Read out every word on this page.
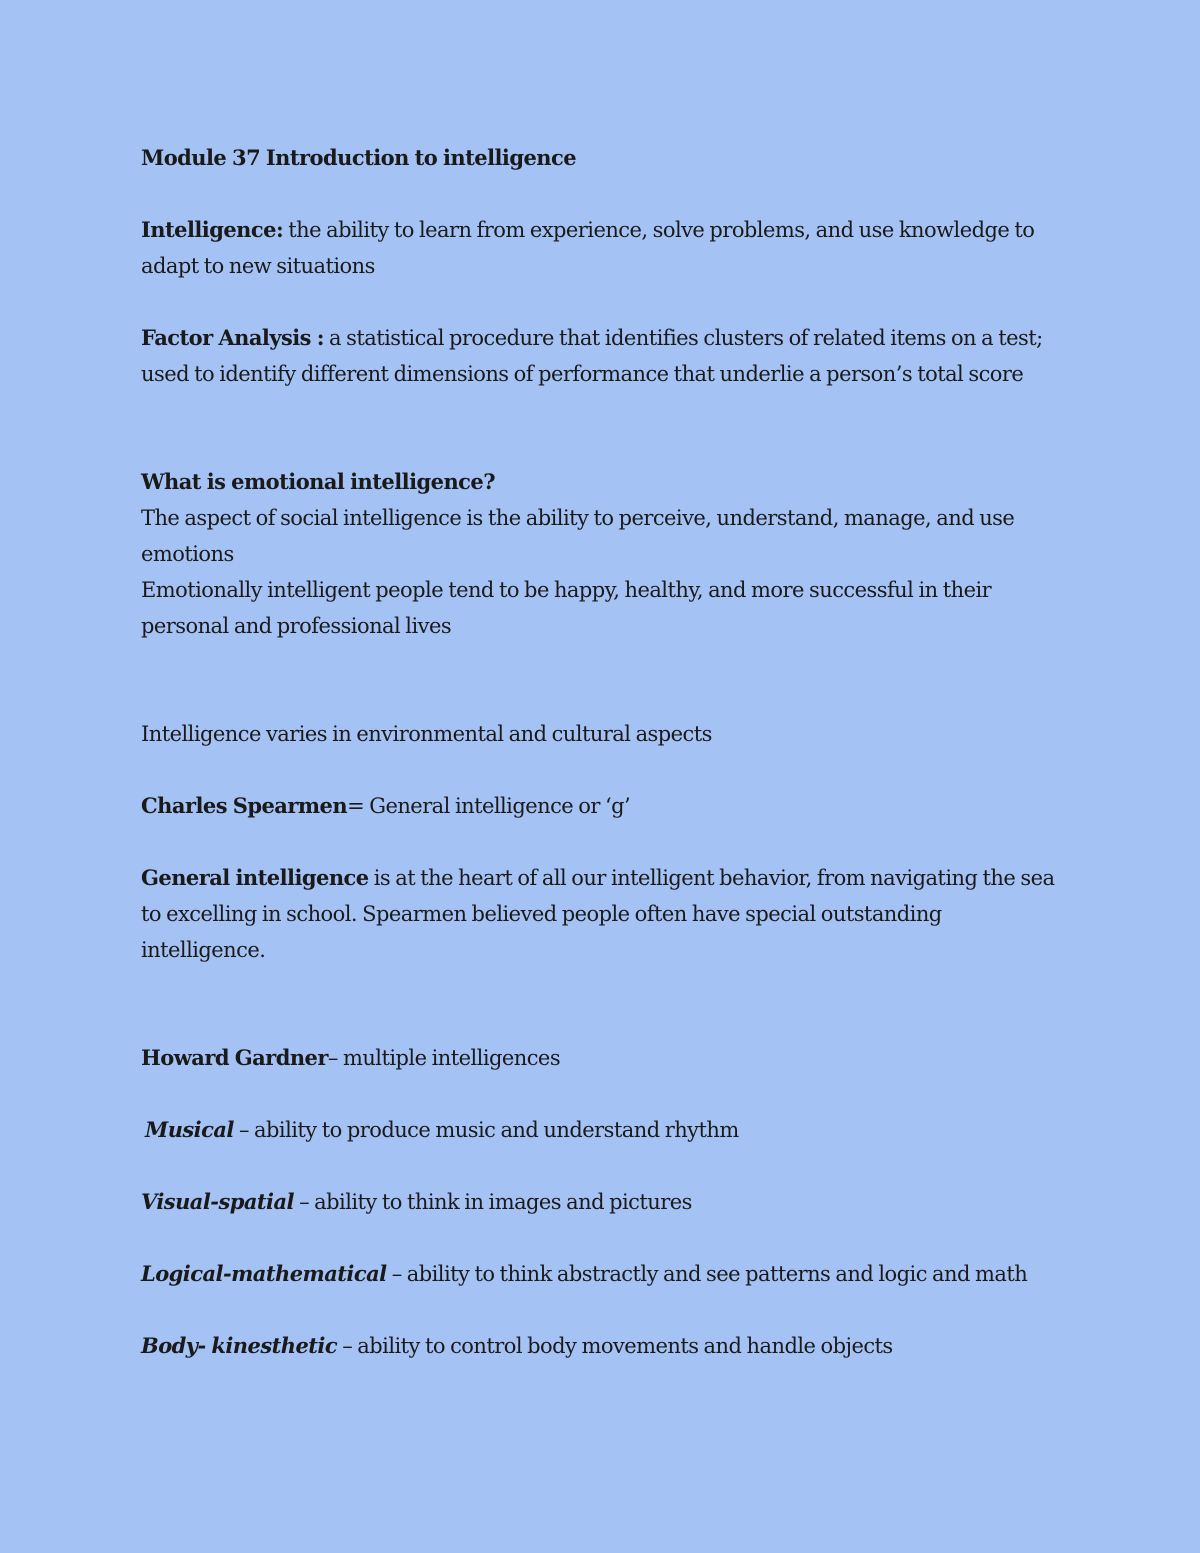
Module 37 Introduction to intelligence

Intelligence: the ability to learn from experience, solve problems, and use knowledge to adapt to new situations

Factor Analysis : a statistical procedure that identifies clusters of related items on a test; used to identify different dimensions of performance that underlie a person’s total score

What is emotional intelligence?

The aspect of social intelligence is the ability to perceive, understand, manage, and use emotions

Emotionally intelligent people tend to be happy, healthy, and more successful in their personal and professional lives

Intelligence varies in environmental and cultural aspects

Charles Spearmen= General intelligence or ‘g’

General intelligence is at the heart of all our intelligent behavior, from navigating the sea to excelling in school. Spearmen believed people often have special outstanding intelligence.

Howard Gardner– multiple intelligences

Musical – ability to produce music and understand rhythm

Visual-spatial – ability to think in images and pictures

Logical-mathematical – ability to think abstractly and see patterns and logic and math

Body- kinesthetic – ability to control body movements and handle objects
